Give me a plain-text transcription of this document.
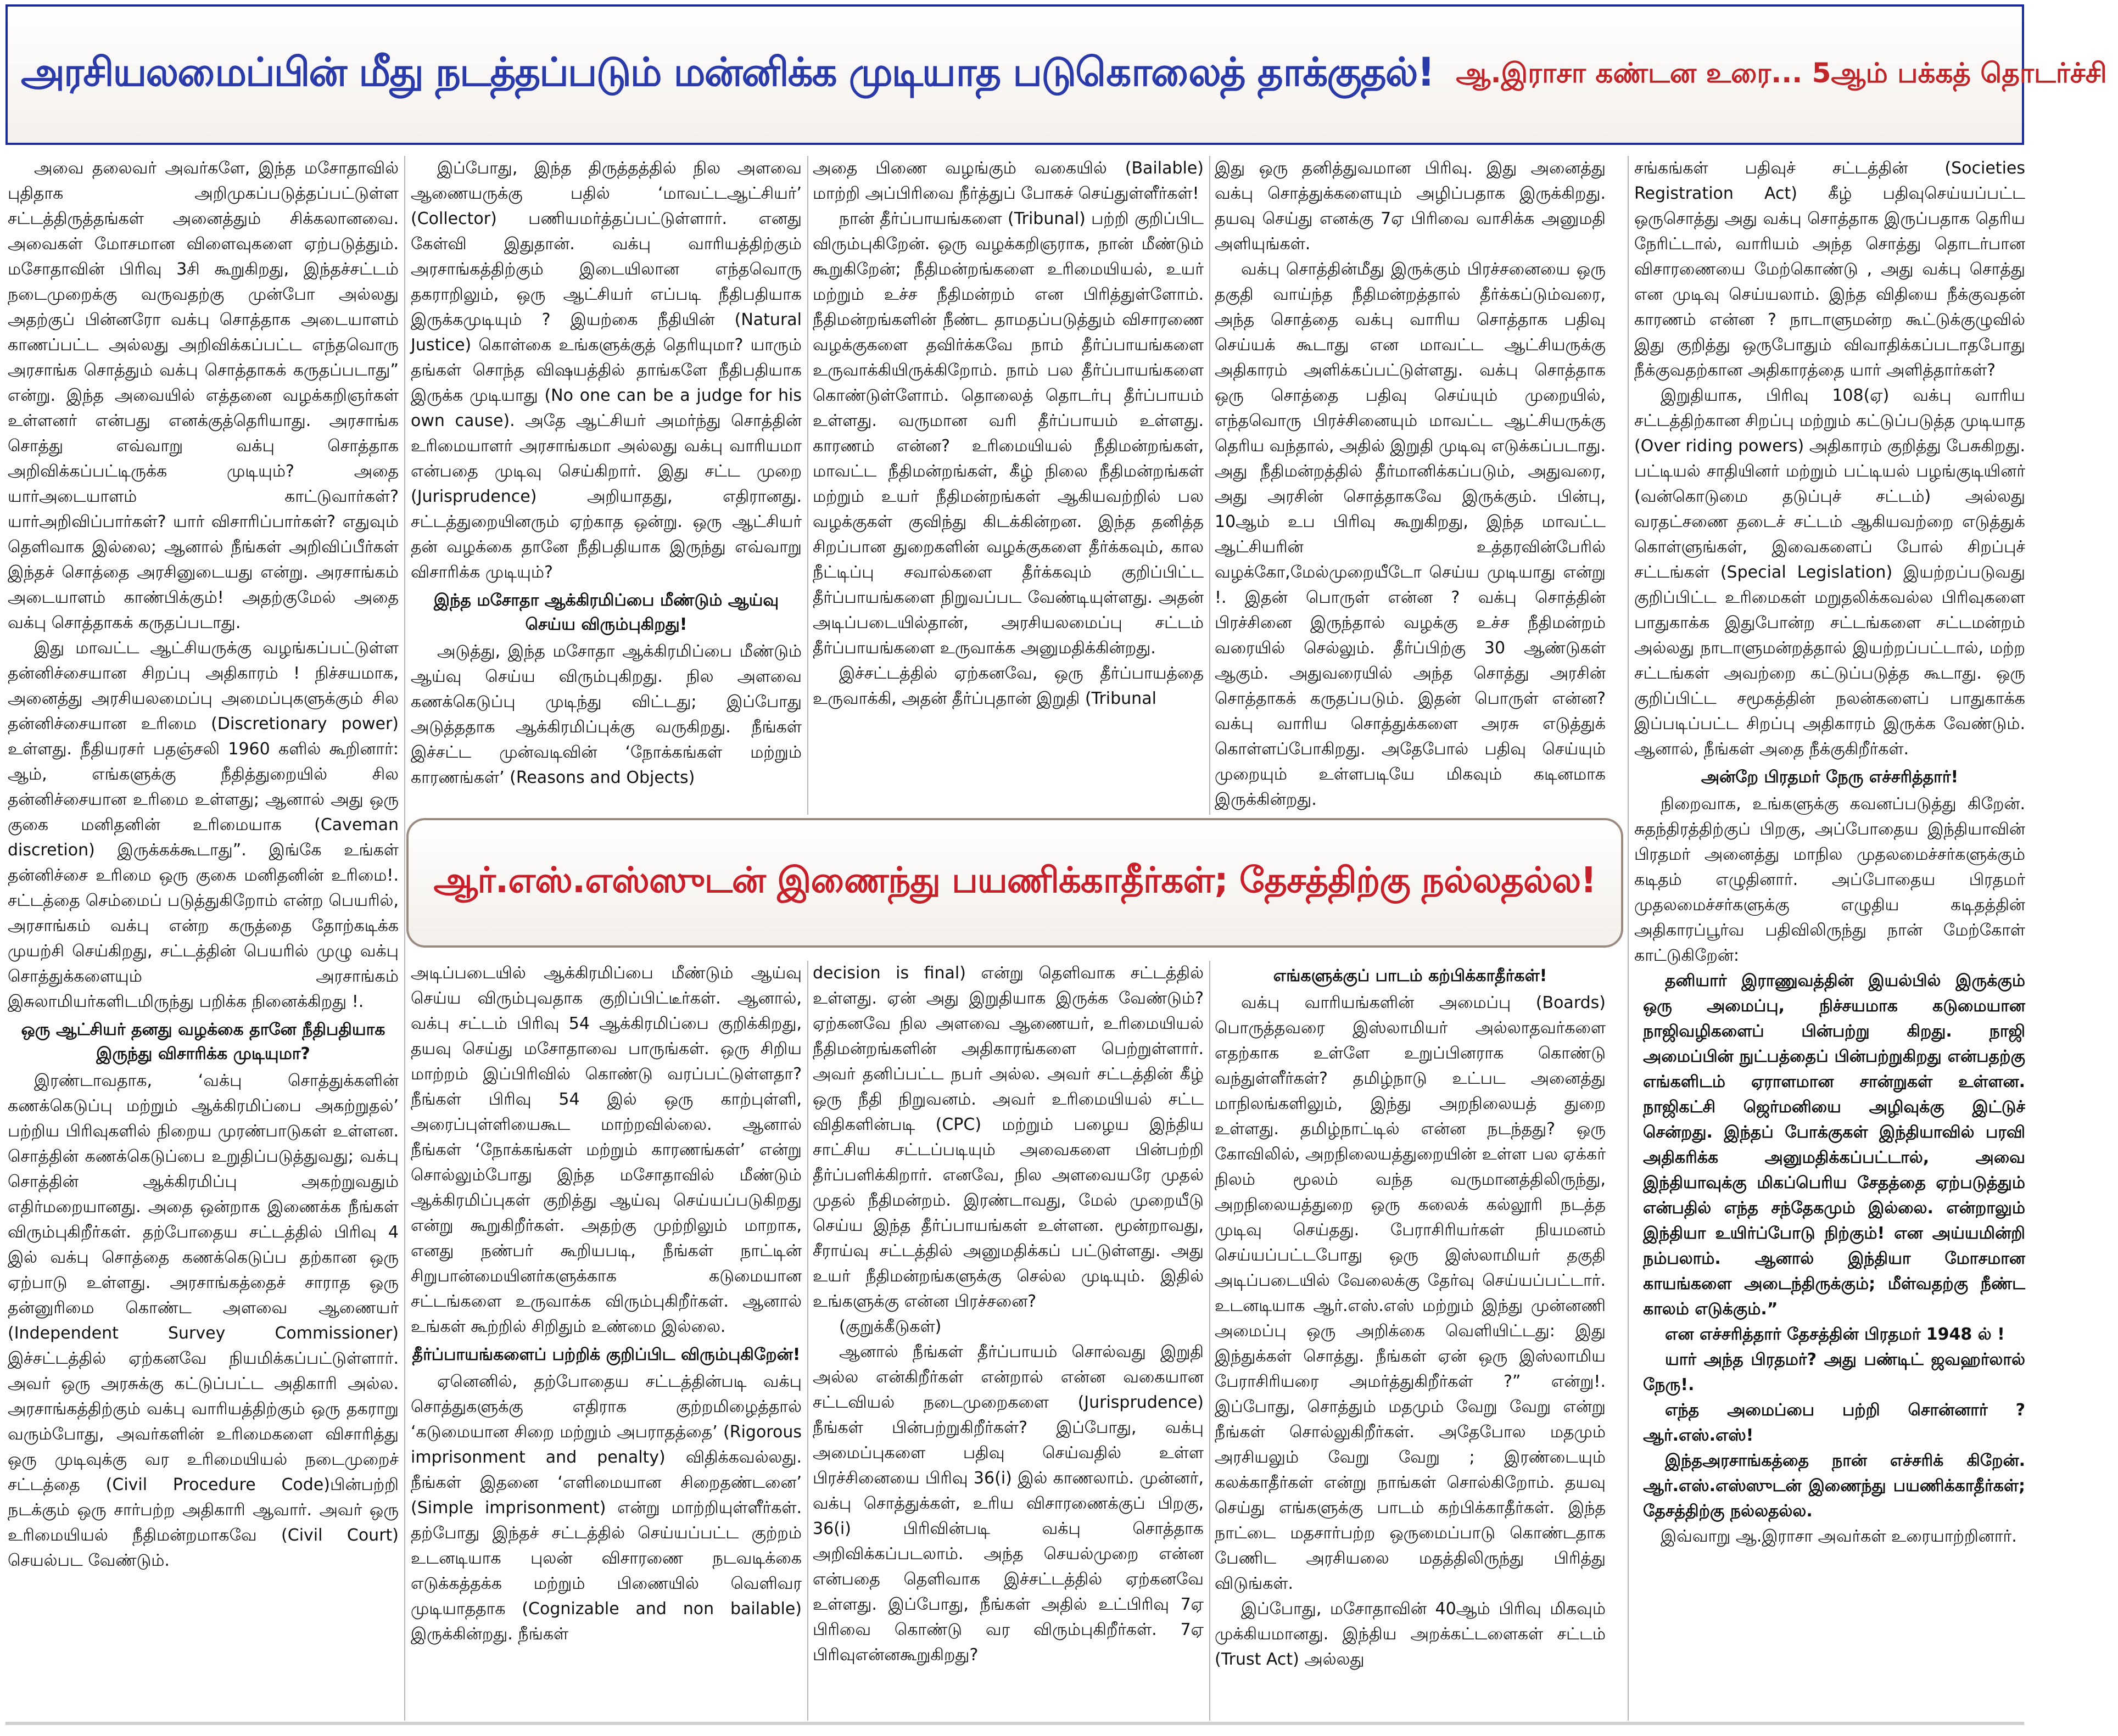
அரசியலமைப்பின் மீது நடத்தப்படும் மன்னிக்க முடியாத படுகொலைத் தாக்குதல்! ஆ.இராசா கண்டன உரை... 5ஆம் பக்கத் தொடர்ச்சி

அவை தலைவர் அவர்களே, இந்த மசோதாவில் புதிதாக அறிமுகப்படுத்தப்பட்டுள்ள சட்டத்திருத்தங்கள் அனைத்தும் சிக்கலானவை. அவைகள் மோசமான விளைவுகளை ஏற்படுத்தும். மசோதாவின் பிரிவு 3சி கூறுகிறது, இந்தச்சட்டம் நடைமுறைக்கு வருவதற்கு முன்போ அல்லது அதற்குப் பின்னரோ வக்பு சொத்தாக அடையாளம் காணப்பட்ட அல்லது அறிவிக்கப்பட்ட எந்தவொரு அரசாங்க சொத்தும் வக்பு சொத்தாகக் கருதப்படாது” என்று. இந்த அவையில் எத்தனை வழக்கறிஞர்கள் உள்ளனர் என்பது எனக்குத்தெரியாது. அரசாங்க சொத்து எவ்வாறு வக்பு சொத்தாக அறிவிக்கப்பட்டிருக்க முடியும்? அதை யார்அடையாளம் காட்டுவார்கள்? யார்அறிவிப்பார்கள்? யார் விசாரிப்பார்கள்? எதுவும் தெளிவாக இல்லை; ஆனால் நீங்கள் அறிவிப்பீர்கள் இந்தச் சொத்தை அரசினுடையது என்று. அரசாங்கம் அடையாளம் காண்பிக்கும்! அதற்குமேல் அதை வக்பு சொத்தாகக் கருதப்படாது.

இது மாவட்ட ஆட்சியருக்கு வழங்கப்பட்டுள்ள தன்னிச்சையான சிறப்பு அதிகாரம் ! நிச்சயமாக, அனைத்து அரசியலமைப்பு அமைப்புகளுக்கும் சில தன்னிச்சையான உரிமை (Discretionary power) உள்ளது. நீதியரசர் பதஞ்சலி 1960 களில் கூறினார்: ஆம், எங்களுக்கு நீதித்துறையில் சில தன்னிச்சையான உரிமை உள்ளது; ஆனால் அது ஒரு குகை மனிதனின் உரிமையாக (Caveman discretion) இருக்கக்கூடாது”. இங்கே உங்கள் தன்னிச்சை உரிமை ஒரு குகை மனிதனின் உரிமை!. சட்டத்தை செம்மைப் படுத்துகிறோம் என்ற பெயரில், அரசாங்கம் வக்பு என்ற கருத்தை தோற்கடிக்க முயற்சி செய்கிறது, சட்டத்தின் பெயரில் முழு வக்பு சொத்துக்களையும் அரசாங்கம் இசுலாமியர்களிடமிருந்து பறிக்க நினைக்கிறது !.

ஒரு ஆட்சியர் தனது வழக்கை தானே நீதிபதியாக இருந்து விசாரிக்க முடியுமா?

இரண்டாவதாக, ‘வக்பு சொத்துக்களின் கணக்கெடுப்பு மற்றும் ஆக்கிரமிப்பை அகற்றுதல்’ பற்றிய பிரிவுகளில் நிறைய முரண்பாடுகள் உள்ளன. சொத்தின் கணக்கெடுப்பை உறுதிப்படுத்துவது; வக்பு சொத்தின் ஆக்கிரமிப்பு அகற்றுவதும் எதிர்மறையானது. அதை ஒன்றாக இணைக்க நீங்கள் விரும்புகிறீர்கள். தற்போதைய சட்டத்தில் பிரிவு 4 இல் வக்பு சொத்தை கணக்கெடுப்ப தற்கான ஒரு ஏற்பாடு உள்ளது. அரசாங்கத்தைச் சாராத ஒரு தன்னுரிமை கொண்ட அளவை ஆணையர் (Independent Survey Commissioner) இச்சட்டத்தில் ஏற்கனவே நியமிக்கப்பட்டுள்ளார். அவர் ஒரு அரசுக்கு கட்டுப்பட்ட அதிகாரி அல்ல. அரசாங்கத்திற்கும் வக்பு வாரியத்திற்கும் ஒரு தகராறு வரும்போது, அவர்களின் உரிமைகளை விசாரித்து ஒரு முடிவுக்கு வர உரிமையியல் நடைமுறைச் சட்டத்தை (Civil Procedure Code)பின்பற்றி நடக்கும் ஒரு சார்பற்ற அதிகாரி ஆவார். அவர் ஒரு உரிமையியல் நீதிமன்றமாகவே (Civil Court) செயல்பட வேண்டும்.

இப்போது, இந்த திருத்தத்தில் நில அளவை ஆணையருக்கு பதில் ‘மாவட்டஆட்சியர்’ (Collector) பணியமர்த்தப்பட்டுள்ளார். எனது கேள்வி இதுதான். வக்பு வாரியத்திற்கும் அரசாங்கத்திற்கும் இடையிலான எந்தவொரு தகராறிலும், ஒரு ஆட்சியர் எப்படி நீதிபதியாக இருக்கமுடியும் ? இயற்கை நீதியின் (Natural Justice) கொள்கை உங்களுக்குத் தெரியுமா? யாரும் தங்கள் சொந்த விஷயத்தில் தாங்களே நீதிபதியாக இருக்க முடியாது (No one can be a judge for his own cause). அதே ஆட்சியர் அமர்ந்து சொத்தின் உரிமையாளர் அரசாங்கமா அல்லது வக்பு வாரியமா என்பதை முடிவு செய்கிறார். இது சட்ட முறை (Jurisprudence) அறியாதது, எதிரானது. சட்டத்துறையினரும் ஏற்காத ஒன்று. ஒரு ஆட்சியர் தன் வழக்கை தானே நீதிபதியாக இருந்து எவ்வாறு விசாரிக்க முடியும்?

இந்த மசோதா ஆக்கிரமிப்பை மீண்டும் ஆய்வு செய்ய விரும்புகிறது!

அடுத்து, இந்த மசோதா ஆக்கிரமிப்பை மீண்டும் ஆய்வு செய்ய விரும்புகிறது. நில அளவை கணக்கெடுப்பு முடிந்து விட்டது; இப்போது அடுத்ததாக ஆக்கிரமிப்புக்கு வருகிறது. நீங்கள் இச்சட்ட முன்வடிவின் ‘நோக்கங்கள் மற்றும் காரணங்கள்’ (Reasons and Objects)

அதை பிணை வழங்கும் வகையில் (Bailable) மாற்றி அப்பிரிவை நீர்த்துப் போகச் செய்துள்ளீர்கள்!

நான் தீர்ப்பாயங்களை (Tribunal) பற்றி குறிப்பிட விரும்புகிறேன். ஒரு வழக்கறிஞராக, நான் மீண்டும் கூறுகிறேன்; நீதிமன்றங்களை உரிமையியல், உயர் மற்றும் உச்ச நீதிமன்றம் என பிரித்துள்ளோம். நீதிமன்றங்களின் நீண்ட தாமதப்படுத்தும் விசாரணை வழக்குகளை தவிர்க்கவே நாம் தீர்ப்பாயங்களை உருவாக்கியிருக்கிறோம். நாம் பல தீர்ப்பாயங்களை கொண்டுள்ளோம். தொலைத் தொடர்பு தீர்ப்பாயம் உள்ளது. வருமான வரி தீர்ப்பாயம் உள்ளது. காரணம் என்ன? உரிமையியல் நீதிமன்றங்கள், மாவட்ட நீதிமன்றங்கள், கீழ் நிலை நீதிமன்றங்கள் மற்றும் உயர் நீதிமன்றங்கள் ஆகியவற்றில் பல வழக்குகள் குவிந்து கிடக்கின்றன. இந்த தனித்த சிறப்பான துறைகளின் வழக்குகளை தீர்க்கவும், கால நீட்டிப்பு சவால்களை தீர்க்கவும் குறிப்பிட்ட தீர்ப்பாயங்களை நிறுவப்பட வேண்டியுள்ளது. அதன் அடிப்படையில்தான், அரசியலமைப்பு சட்டம் தீர்ப்பாயங்களை உருவாக்க அனுமதிக்கின்றது.

இச்சட்டத்தில் ஏற்கனவே, ஒரு தீர்ப்பாயத்தை உருவாக்கி, அதன் தீர்ப்புதான் இறுதி (Tribunal

இது ஒரு தனித்துவமான பிரிவு. இது அனைத்து வக்பு சொத்துக்களையும் அழிப்பதாக இருக்கிறது. தயவு செய்து எனக்கு 7ஏ பிரிவை வாசிக்க அனுமதி அளியுங்கள்.

வக்பு சொத்தின்மீது இருக்கும் பிரச்சனையை ஒரு தகுதி வாய்ந்த நீதிமன்றத்தால் தீர்க்கப்டும்வரை, அந்த சொத்தை வக்பு வாரிய சொத்தாக பதிவு செய்யக் கூடாது என மாவட்ட ஆட்சியருக்கு அதிகாரம் அளிக்கப்பட்டுள்ளது. வக்பு சொத்தாக ஒரு சொத்தை பதிவு செய்யும் முறையில், எந்தவொரு பிரச்சினையும் மாவட்ட ஆட்சியருக்கு தெரிய வந்தால், அதில் இறுதி முடிவு எடுக்கப்படாது. அது நீதிமன்றத்தில் தீர்மானிக்கப்படும், அதுவரை, அது அரசின் சொத்தாகவே இருக்கும். பின்பு, 10ஆம் உப பிரிவு கூறுகிறது, இந்த மாவட்ட ஆட்சியரின் உத்தரவின்பேரில் வழக்கோ,மேல்முறையீடோ செய்ய முடியாது என்று !. இதன் பொருள் என்ன ? வக்பு சொத்தின் பிரச்சினை இருந்தால் வழக்கு உச்ச நீதிமன்றம் வரையில் செல்லும். தீர்ப்பிற்கு 30 ஆண்டுகள் ஆகும். அதுவரையில் அந்த சொத்து அரசின் சொத்தாகக் கருதப்படும். இதன் பொருள் என்ன? வக்பு வாரிய சொத்துக்களை அரசு எடுத்துக் கொள்ளப்போகிறது. அதேபோல் பதிவு செய்யும் முறையும் உள்ளபடியே மிகவும் கடினமாக இருக்கின்றது.

ஆர்.எஸ்.எஸ்ஸுடன் இணைந்து பயணிக்காதீர்கள்; தேசத்திற்கு நல்லதல்ல!

அடிப்படையில் ஆக்கிரமிப்பை மீண்டும் ஆய்வு செய்ய விரும்புவதாக குறிப்பிட்டீர்கள். ஆனால், வக்பு சட்டம் பிரிவு 54 ஆக்கிரமிப்பை குறிக்கிறது, தயவு செய்து மசோதாவை பாருங்கள். ஒரு சிறிய மாற்றம் இப்பிரிவில் கொண்டு வரப்பட்டுள்ளதா? நீங்கள் பிரிவு 54 இல் ஒரு காற்புள்ளி, அரைப்புள்ளியைகூட மாற்றவில்லை. ஆனால் நீங்கள் ‘நோக்கங்கள் மற்றும் காரணங்கள்’ என்று சொல்லும்போது இந்த மசோதாவில் மீண்டும் ஆக்கிரமிப்புகள் குறித்து ஆய்வு செய்யப்படுகிறது என்று கூறுகிறீர்கள். அதற்கு முற்றிலும் மாறாக, எனது நண்பர் கூறியபடி, நீங்கள் நாட்டின் சிறுபான்மையினர்களுக்காக கடுமையான சட்டங்களை உருவாக்க விரும்புகிறீர்கள். ஆனால் உங்கள் கூற்றில் சிறிதும் உண்மை இல்லை.

தீர்ப்பாயங்களைப் பற்றிக் குறிப்பிட விரும்புகிறேன்!

ஏனெனில், தற்போதைய சட்டத்தின்படி வக்பு சொத்துகளுக்கு எதிராக குற்றமிழைத்தால் ‘கடுமையான சிறை மற்றும் அபராதத்தை’ (Rigorous imprisonment and penalty) விதிக்கவல்லது. நீங்கள் இதனை ‘எளிமையான சிறைதண்டனை’ (Simple imprisonment) என்று மாற்றியுள்ளீர்கள். தற்போது இந்தச் சட்டத்தில் செய்யப்பட்ட குற்றம் உடனடியாக புலன் விசாரணை நடவடிக்கை எடுக்கத்தக்க மற்றும் பிணையில் வெளிவர முடியாததாக (Cognizable and non bailable) இருக்கின்றது. நீங்கள்

decision is final) என்று தெளிவாக சட்டத்தில் உள்ளது. ஏன் அது இறுதியாக இருக்க வேண்டும்? ஏற்கனவே நில அளவை ஆணையர், உரிமையியல் நீதிமன்றங்களின் அதிகாரங்களை பெற்றுள்ளார். அவர் தனிப்பட்ட நபர் அல்ல. அவர் சட்டத்தின் கீழ் ஒரு நீதி நிறுவனம். அவர் உரிமையியல் சட்ட விதிகளின்படி (CPC) மற்றும் பழைய இந்திய சாட்சிய சட்டப்படியும் அவைகளை பின்பற்றி தீர்ப்பளிக்கிறார். எனவே, நில அளவையரே முதல் முதல் நீதிமன்றம். இரண்டாவது, மேல் முறையீடு செய்ய இந்த தீர்ப்பாயங்கள் உள்ளன. மூன்றாவது, சீராய்வு சட்டத்தில் அனுமதிக்கப் பட்டுள்ளது. அது உயர் நீதிமன்றங்களுக்கு செல்ல முடியும். இதில் உங்களுக்கு என்ன பிரச்சனை?

(குறுக்கீடுகள்)

ஆனால் நீங்கள் தீர்ப்பாயம் சொல்வது இறுதி அல்ல என்கிறீர்கள் என்றால் என்ன வகையான சட்டவியல் நடைமுறைகளை (Jurisprudence) நீங்கள் பின்பற்றுகிறீர்கள்? இப்போது, வக்பு அமைப்புகளை பதிவு செய்வதில் உள்ள பிரச்சினையை பிரிவு 36(i) இல் காணலாம். முன்னர், வக்பு சொத்துக்கள், உரிய விசாரணைக்குப் பிறகு, 36(i) பிரிவின்படி வக்பு சொத்தாக அறிவிக்கப்படலாம். அந்த செயல்முறை என்ன என்பதை தெளிவாக இச்சட்டத்தில் ஏற்கனவே உள்ளது. இப்போது, நீங்கள் அதில் உட்பிரிவு 7ஏ பிரிவை கொண்டு வர விரும்புகிறீர்கள். 7ஏ பிரிவுஎன்னகூறுகிறது?

எங்களுக்குப் பாடம் கற்பிக்காதீர்கள்!

வக்பு வாரியங்களின் அமைப்பு (Boards) பொருத்தவரை இஸ்லாமியர் அல்லாதவர்களை எதற்காக உள்ளே உறுப்பினராக கொண்டு வந்துள்ளீர்கள்? தமிழ்நாடு உட்பட அனைத்து மாநிலங்களிலும், இந்து அறநிலையத் துறை உள்ளது. தமிழ்நாட்டில் என்ன நடந்தது? ஒரு கோவிலில், அறநிலையத்துறையின் உள்ள பல ஏக்கர் நிலம் மூலம் வந்த வருமானத்திலிருந்து, அறநிலையத்துறை ஒரு கலைக் கல்லூரி நடத்த முடிவு செய்தது. பேராசிரியர்கள் நியமனம் செய்யப்பட்டபோது ஒரு இஸ்லாமியர் தகுதி அடிப்படையில் வேலைக்கு தேர்வு செய்யப்பட்டார். உடனடியாக ஆர்.எஸ்.எஸ் மற்றும் இந்து முன்னணி அமைப்பு ஒரு அறிக்கை வெளியிட்டது: இது இந்துக்கள் சொத்து. நீங்கள் ஏன் ஒரு இஸ்லாமிய பேராசிரியரை அமர்த்துகிறீர்கள் ?” என்று!. இப்போது, சொத்தும் மதமும் வேறு வேறு என்று நீங்கள் சொல்லுகிறீர்கள். அதேபோல மதமும் அரசியலும் வேறு வேறு ; இரண்டையும் கலக்காதீர்கள் என்று நாங்கள் சொல்கிறோம். தயவு செய்து எங்களுக்கு பாடம் கற்பிக்காதீர்கள். இந்த நாட்டை மதசார்பற்ற ஒருமைப்பாடு கொண்டதாக பேணிட அரசியலை மதத்திலிருந்து பிரித்து விடுங்கள்.

இப்போது, மசோதாவின் 40ஆம் பிரிவு மிகவும் முக்கியமானது. இந்திய அறக்கட்டளைகள் சட்டம் (Trust Act) அல்லது

சங்கங்கள் பதிவுச் சட்டத்தின் (Societies Registration Act) கீழ் பதிவுசெய்யப்பட்ட ஒருசொத்து அது வக்பு சொத்தாக இருப்பதாக தெரிய நேரிட்டால், வாரியம் அந்த சொத்து தொடர்பான விசாரணையை மேற்கொண்டு , அது வக்பு சொத்து என முடிவு செய்யலாம். இந்த விதியை நீக்குவதன் காரணம் என்ன ? நாடாளுமன்ற கூட்டுக்குழுவில் இது குறித்து ஒருபோதும் விவாதிக்கப்படாதபோது நீக்குவதற்கான அதிகாரத்தை யார் அளித்தார்கள்?

இறுதியாக, பிரிவு 108(ஏ) வக்பு வாரிய சட்டத்திற்கான சிறப்பு மற்றும் கட்டுப்படுத்த முடியாத (Over riding powers) அதிகாரம் குறித்து பேசுகிறது. பட்டியல் சாதியினர் மற்றும் பட்டியல் பழங்குடியினர் (வன்கொடுமை தடுப்புச் சட்டம்) அல்லது வரதட்சணை தடைச் சட்டம் ஆகியவற்றை எடுத்துக் கொள்ளுங்கள், இவைகளைப் போல் சிறப்புச் சட்டங்கள் (Special Legislation) இயற்றப்படுவது குறிப்பிட்ட உரிமைகள் மறுதலிக்கவல்ல பிரிவுகளை பாதுகாக்க இதுபோன்ற சட்டங்களை சட்டமன்றம் அல்லது நாடாளுமன்றத்தால் இயற்றப்பட்டால், மற்ற சட்டங்கள் அவற்றை கட்டுப்படுத்த கூடாது. ஒரு குறிப்பிட்ட சமூகத்தின் நலன்களைப் பாதுகாக்க இப்படிப்பட்ட சிறப்பு அதிகாரம் இருக்க வேண்டும். ஆனால், நீங்கள் அதை நீக்குகிறீர்கள்.

அன்றே பிரதமர் நேரு எச்சரித்தார்!

நிறைவாக, உங்களுக்கு கவனப்படுத்து கிறேன். சுதந்திரத்திற்குப் பிறகு, அப்போதைய இந்தியாவின் பிரதமர் அனைத்து மாநில முதலமைச்சர்களுக்கும் கடிதம் எழுதினார். அப்போதைய பிரதமர் முதலமைச்சர்களுக்கு எழுதிய கடிதத்தின் அதிகாரப்பூர்வ பதிவிலிருந்து நான் மேற்கோள் காட்டுகிறேன்:

தனியார் இராணுவத்தின் இயல்பில் இருக்கும் ஒரு அமைப்பு, நிச்சயமாக கடுமையான நாஜிவழிகளைப் பின்பற்று கிறது. நாஜி அமைப்பின் நுட்பத்தைப் பின்பற்றுகிறது என்பதற்கு எங்களிடம் ஏராளமான சான்றுகள் உள்ளன. நாஜிகட்சி ஜெர்மனியை அழிவுக்கு இட்டுச் சென்றது. இந்தப் போக்குகள் இந்தியாவில் பரவி அதிகரிக்க அனுமதிக்கப்பட்டால், அவை இந்தியாவுக்கு மிகப்பெரிய சேதத்தை ஏற்படுத்தும் என்பதில் எந்த சந்தேகமும் இல்லை. என்றாலும் இந்தியா உயிர்ப்போடு நிற்கும்! என அய்யமின்றி நம்பலாம். ஆனால் இந்தியா மோசமான காயங்களை அடைந்திருக்கும்; மீள்வதற்கு நீண்ட காலம் எடுக்கும்.”

என எச்சரித்தார் தேசத்தின் பிரதமர் 1948 ல் !

யார் அந்த பிரதமர்? அது பண்டிட் ஜவஹர்லால் நேரு!.

எந்த அமைப்பை பற்றி சொன்னார் ? ஆர்.எஸ்.எஸ்!

இந்தஅரசாங்கத்தை நான் எச்சரிக் கிறேன். ஆர்.எஸ்.எஸ்ஸுடன் இணைந்து பயணிக்காதீர்கள்; தேசத்திற்கு நல்லதல்ல.

இவ்வாறு ஆ.இராசா அவர்கள் உரையாற்றினார்.
